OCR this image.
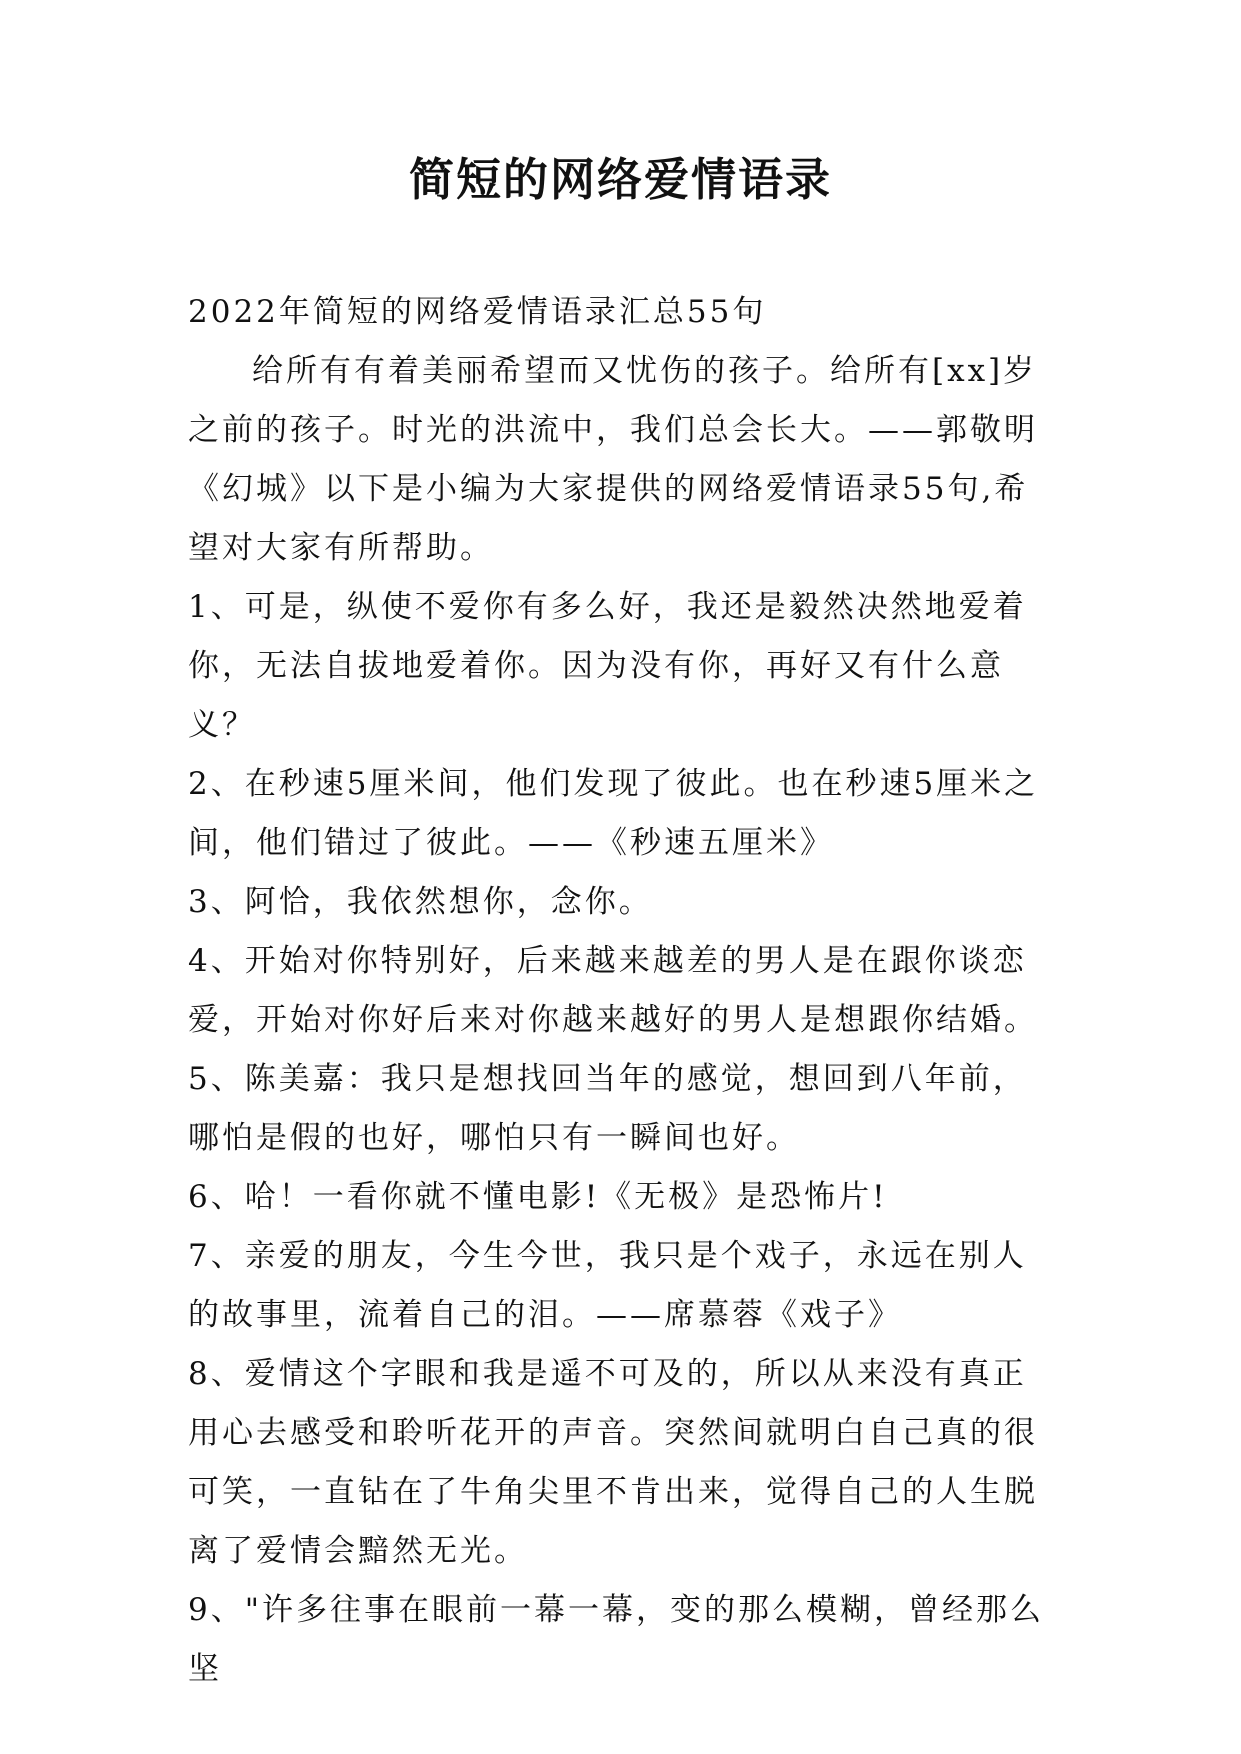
简短的网络爱情语录

2022年简短的网络爱情语录汇总55句

给所有有着美丽希望而又忧伤的孩子。给所有[xx]岁之前的孩子。时光的洪流中，我们总会长大。——郭敬明《幻城》以下是小编为大家提供的网络爱情语录55句,希望对大家有所帮助。

1、可是，纵使不爱你有多么好，我还是毅然决然地爱着你，无法自拔地爱着你。因为没有你，再好又有什么意义？

2、在秒速5厘米间，他们发现了彼此。也在秒速5厘米之间，他们错过了彼此。——《秒速五厘米》

3、阿恰，我依然想你，念你。

4、开始对你特别好，后来越来越差的男人是在跟你谈恋爱，开始对你好后来对你越来越好的男人是想跟你结婚。

5、陈美嘉：我只是想找回当年的感觉，想回到八年前，哪怕是假的也好，哪怕只有一瞬间也好。

6、哈！一看你就不懂电影!《无极》是恐怖片!

7、亲爱的朋友，今生今世，我只是个戏子，永远在别人的故事里，流着自己的泪。——席慕蓉《戏子》

8、爱情这个字眼和我是遥不可及的，所以从来没有真正用心去感受和聆听花开的声音。突然间就明白自己真的很可笑，一直钻在了牛角尖里不肯出来，觉得自己的人生脱离了爱情会黯然无光。

9、"许多往事在眼前一幕一幕，变的那么模糊，曾经那么坚
